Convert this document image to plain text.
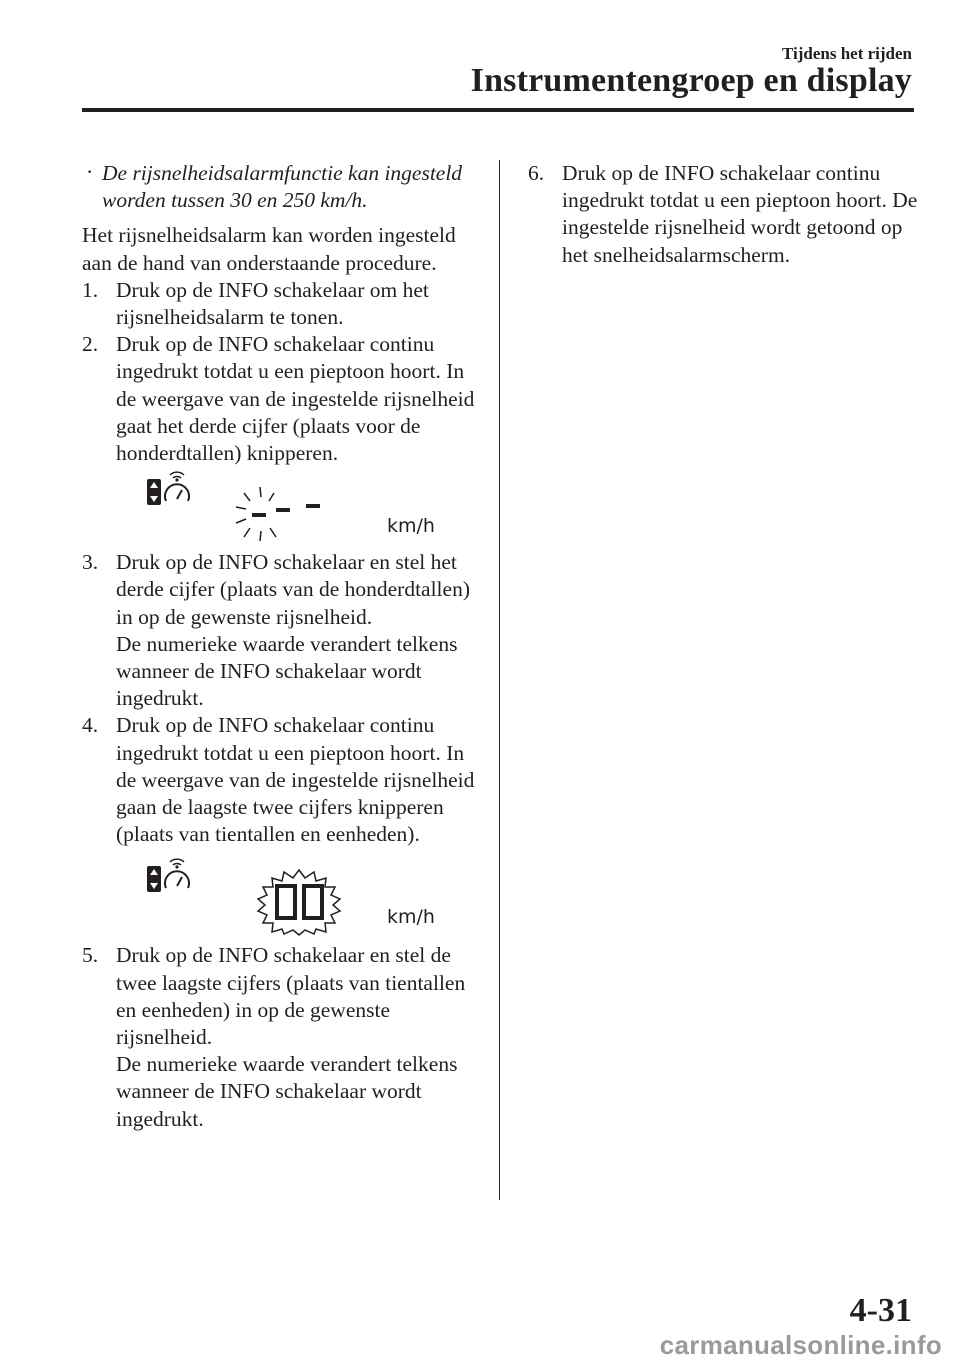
Tijdens het rijden
Instrumentengroep en display
· De rijsnelheidsalarmfunctie kan ingesteld worden tussen 30 en 250 km/h.
Het rijsnelheidsalarm kan worden ingesteld aan de hand van onderstaande procedure.
1. Druk op de INFO schakelaar om het rijsnelheidsalarm te tonen.
2. Druk op de INFO schakelaar continu ingedrukt totdat u een pieptoon hoort. In de weergave van de ingestelde rijsnelheid gaat het derde cijfer (plaats voor de honderdtallen) knipperen.
km/h
3. Druk op de INFO schakelaar en stel het derde cijfer (plaats van de honderdtallen) in op de gewenste rijsnelheid.
De numerieke waarde verandert telkens wanneer de INFO schakelaar wordt ingedrukt.
4. Druk op de INFO schakelaar continu ingedrukt totdat u een pieptoon hoort. In de weergave van de ingestelde rijsnelheid gaan de laagste twee cijfers knipperen (plaats van tientallen en eenheden).
km/h
5. Druk op de INFO schakelaar en stel de twee laagste cijfers (plaats van tientallen en eenheden) in op de gewenste rijsnelheid.
De numerieke waarde verandert telkens wanneer de INFO schakelaar wordt ingedrukt.
6. Druk op de INFO schakelaar continu ingedrukt totdat u een pieptoon hoort. De ingestelde rijsnelheid wordt getoond op het snelheidsalarmscherm.
4-31
carmanualsonline.info
